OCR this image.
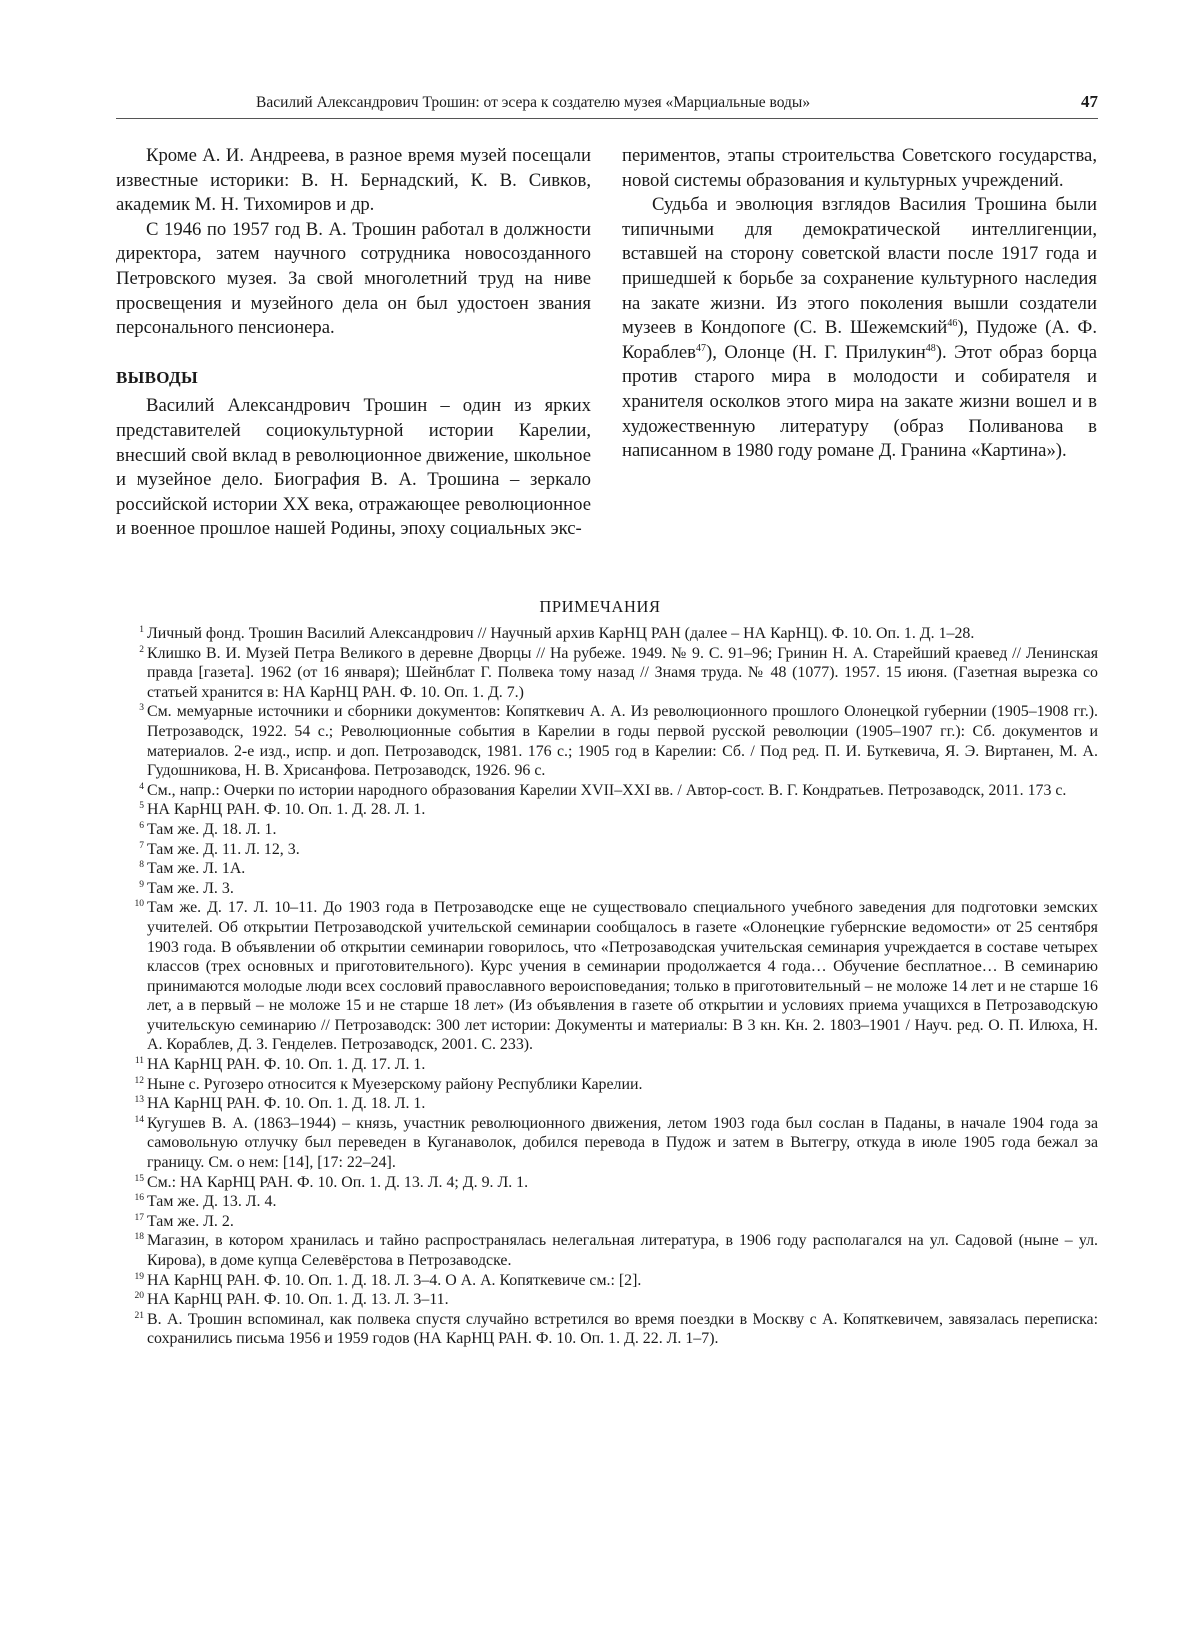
Василий Александрович Трошин: от эсера к создателю музея «Марциальные воды»	47

Кроме А. И. Андреева, в разное время музей посещали известные историки: В. Н. Бернадский, К. В. Сивков, академик М. Н. Тихомиров и др.

С 1946 по 1957 год В. А. Трошин работал в должности директора, затем научного сотрудника новосозданного Петровского музея. За свой многолетний труд на ниве просвещения и музейного дела он был удостоен звания персонального пенсионера.

ВЫВОДЫ

Василий Александрович Трошин – один из ярких представителей социокультурной истории Карелии, внесший свой вклад в революционное движение, школьное и музейное дело. Биография В. А. Трошина – зеркало российской истории XX века, отражающее революционное и военное прошлое нашей Родины, эпоху социальных экс-

периментов, этапы строительства Советского государства, новой системы образования и культурных учреждений.

Судьба и эволюция взглядов Василия Трошина были типичными для демократической интеллигенции, вставшей на сторону советской власти после 1917 года и пришедшей к борьбе за сохранение культурного наследия на закате жизни. Из этого поколения вышли создатели музеев в Кондопоге (С. В. Шежемский$^{46}$), Пудоже (А. Ф. Кораблев$^{47}$), Олонце (Н. Г. Прилукин$^{48}$). Этот образ борца против старого мира в молодости и собирателя и хранителя осколков этого мира на закате жизни вошел и в художественную литературу (образ Поливанова в написанном в 1980 году романе Д. Гранина «Картина»).

ПРИМЕЧАНИЯ
1 Личный фонд. Трошин Василий Александрович // Научный архив КарНЦ РАН (далее – НА КарНЦ). Ф. 10. Оп. 1. Д. 1–28.
2 Клишко В. И. Музей Петра Великого в деревне Дворцы // На рубеже. 1949. № 9. С. 91–96; Гринин Н. А. Старейший краевед // Ленинская правда [газета]. 1962 (от 16 января); Шейнблат Г. Полвека тому назад // Знамя труда. № 48 (1077). 1957. 15 июня. (Газетная вырезка со статьей хранится в: НА КарНЦ РАН. Ф. 10. Оп. 1. Д. 7.)
3 См. мемуарные источники и сборники документов: Копяткевич А. А. Из революционного прошлого Олонецкой губернии (1905–1908 гг.). Петрозаводск, 1922. 54 с.; Революционные события в Карелии в годы первой русской революции (1905–1907 гг.): Сб. документов и материалов. 2-е изд., испр. и доп. Петрозаводск, 1981. 176 с.; 1905 год в Карелии: Сб. / Под ред. П. И. Буткевича, Я. Э. Виртанен, М. А. Гудошникова, Н. В. Хрисанфова. Петрозаводск, 1926. 96 с.
4 См., напр.: Очерки по истории народного образования Карелии XVII–XXI вв. / Автор-сост. В. Г. Кондратьев. Петрозаводск, 2011. 173 с.
5 НА КарНЦ РАН. Ф. 10. Оп. 1. Д. 28. Л. 1.
6 Там же. Д. 18. Л. 1.
7 Там же. Д. 11. Л. 12, 3.
8 Там же. Л. 1А.
9 Там же. Л. 3.
10 Там же. Д. 17. Л. 10–11. До 1903 года в Петрозаводске еще не существовало специального учебного заведения для подготовки земских учителей. Об открытии Петрозаводской учительской семинарии сообщалось в газете «Олонецкие губернские ведомости» от 25 сентября 1903 года. В объявлении об открытии семинарии говорилось, что «Петрозаводская учительская семинария учреждается в составе четырех классов (трех основных и приготовительного). Курс учения в семинарии продолжается 4 года… Обучение бесплатное… В семинарию принимаются молодые люди всех сословий православного вероисповедания; только в приготовительный – не моложе 14 лет и не старше 16 лет, а в первый – не моложе 15 и не старше 18 лет» (Из объявления в газете об открытии и условиях приема учащихся в Петрозаводскую учительскую семинарию // Петрозаводск: 300 лет истории: Документы и материалы: В 3 кн. Кн. 2. 1803–1901 / Науч. ред. О. П. Илюха, Н. А. Кораблев, Д. З. Генделев. Петрозаводск, 2001. С. 233).
11 НА КарНЦ РАН. Ф. 10. Оп. 1. Д. 17. Л. 1.
12 Ныне с. Ругозеро относится к Муезерскому району Республики Карелии.
13 НА КарНЦ РАН. Ф. 10. Оп. 1. Д. 18. Л. 1.
14 Кугушев В. А. (1863–1944) – князь, участник революционного движения, летом 1903 года был сослан в Паданы, в начале 1904 года за самовольную отлучку был переведен в Куганаволок, добился перевода в Пудож и затем в Вытегру, откуда в июле 1905 года бежал за границу. См. о нем: [14], [17: 22–24].
15 См.: НА КарНЦ РАН. Ф. 10. Оп. 1. Д. 13. Л. 4; Д. 9. Л. 1.
16 Там же. Д. 13. Л. 4.
17 Там же. Л. 2.
18 Магазин, в котором хранилась и тайно распространялась нелегальная литература, в 1906 году располагался на ул. Садовой (ныне – ул. Кирова), в доме купца Селевёрстова в Петрозаводске.
19 НА КарНЦ РАН. Ф. 10. Оп. 1. Д. 18. Л. 3–4. О А. А. Копяткевиче см.: [2].
20 НА КарНЦ РАН. Ф. 10. Оп. 1. Д. 13. Л. 3–11.
21 В. А. Трошин вспоминал, как полвека спустя случайно встретился во время поездки в Москву с А. Копяткевичем, завязалась переписка: сохранились письма 1956 и 1959 годов (НА КарНЦ РАН. Ф. 10. Оп. 1. Д. 22. Л. 1–7).
